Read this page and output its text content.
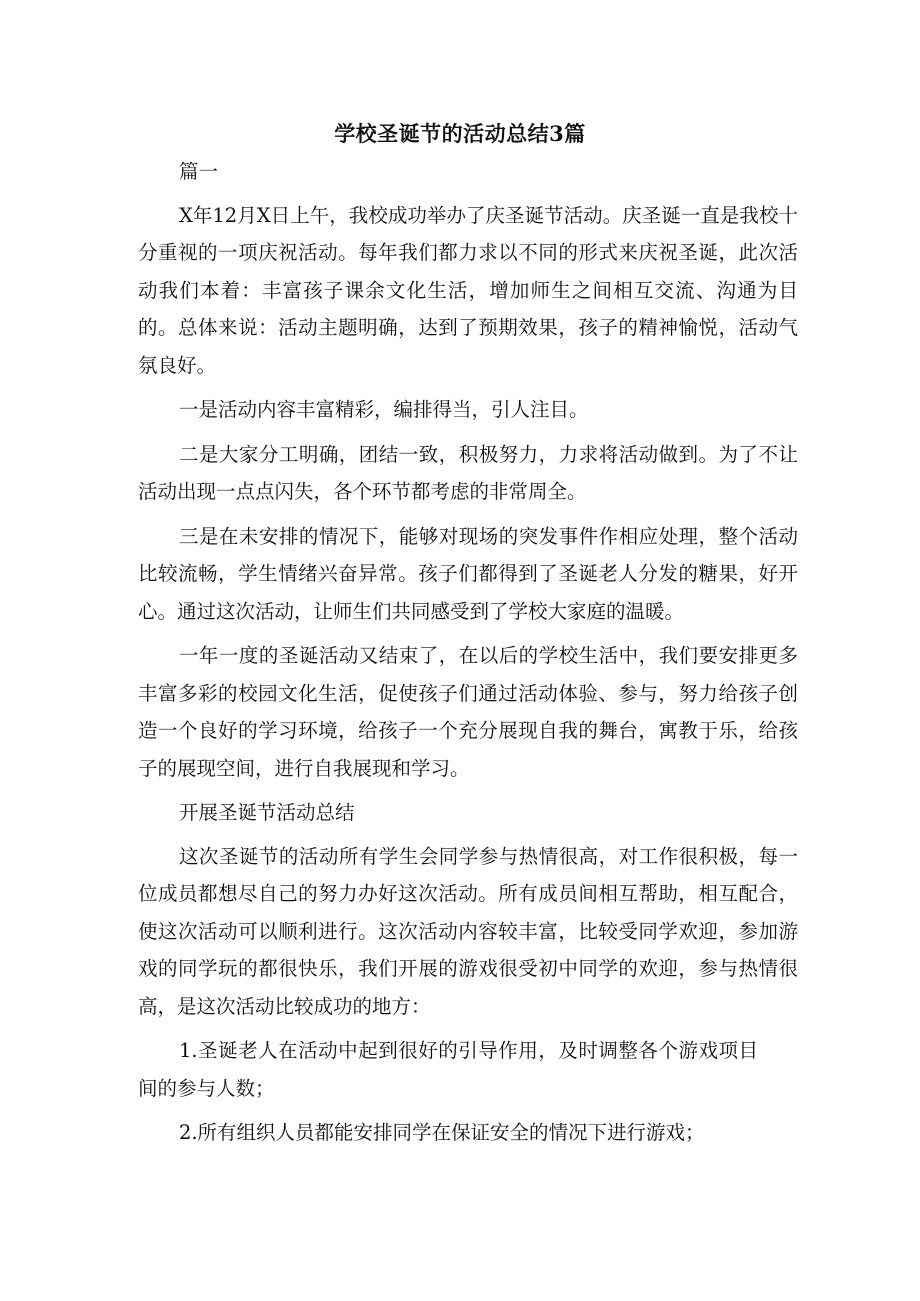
学校圣诞节的活动总结3篇

篇一

X年12月X日上午，我校成功举办了庆圣诞节活动。庆圣诞一直是我校十分重视的一项庆祝活动。每年我们都力求以不同的形式来庆祝圣诞，此次活动我们本着：丰富孩子课余文化生活，增加师生之间相互交流、沟通为目的。总体来说：活动主题明确，达到了预期效果，孩子的精神愉悦，活动气氛良好。

一是活动内容丰富精彩，编排得当，引人注目。

二是大家分工明确，团结一致，积极努力，力求将活动做到。为了不让活动出现一点点闪失，各个环节都考虑的非常周全。

三是在未安排的情况下，能够对现场的突发事件作相应处理，整个活动比较流畅，学生情绪兴奋异常。孩子们都得到了圣诞老人分发的糖果，好开心。通过这次活动，让师生们共同感受到了学校大家庭的温暖。

一年一度的圣诞活动又结束了，在以后的学校生活中，我们要安排更多丰富多彩的校园文化生活，促使孩子们通过活动体验、参与，努力给孩子创造一个良好的学习环境，给孩子一个充分展现自我的舞台，寓教于乐，给孩子的展现空间，进行自我展现和学习。

开展圣诞节活动总结

这次圣诞节的活动所有学生会同学参与热情很高，对工作很积极，每一位成员都想尽自己的努力办好这次活动。所有成员间相互帮助，相互配合，使这次活动可以顺利进行。这次活动内容较丰富，比较受同学欢迎，参加游戏的同学玩的都很快乐，我们开展的游戏很受初中同学的欢迎，参与热情很高，是这次活动比较成功的地方：

1.圣诞老人在活动中起到很好的引导作用，及时调整各个游戏项目间的参与人数；

2.所有组织人员都能安排同学在保证安全的情况下进行游戏；
